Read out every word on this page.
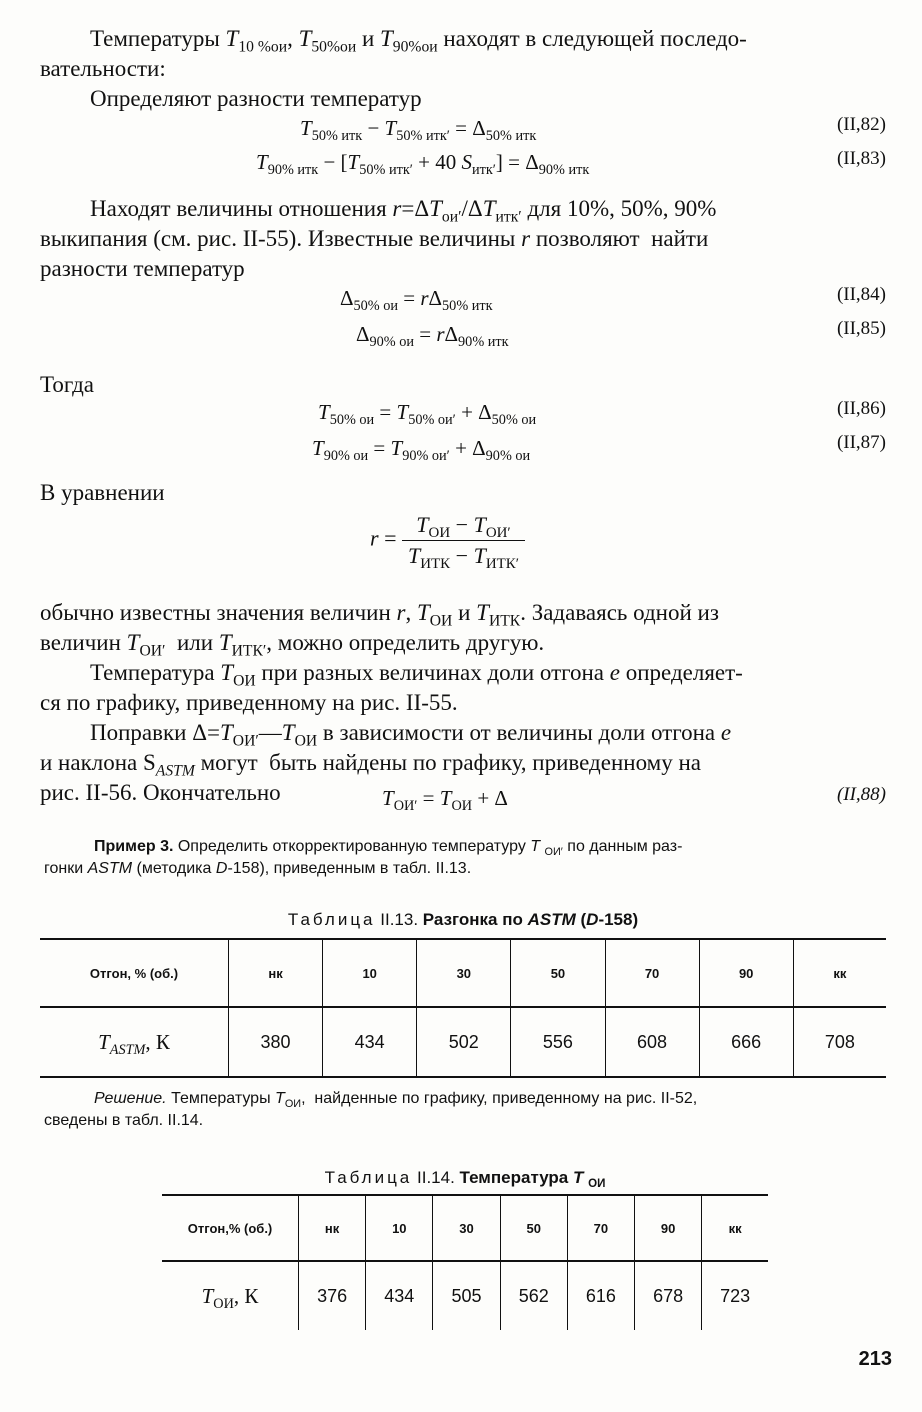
Температуры $T_{10 \%ои}$, $T_{50\%ои}$ и $T_{90\%ои}$ находят в следующей последо-
вательности:
Определяют разности температур
$T_{50\% итк} - T_{50\% итк'} = \Delta_{50\% итк}$
(II,82)
$T_{90\% итк} - [T_{50\% итк'} + 40$ $S_{итк'}] = \Delta_{90\% итк}$
(II,83)
Находят величины отношения $r=\Delta T_{ои'}/\Delta T_{итк'}$ для 10%, 50%, 90%
выкипания (см. рис. II-55). Известные величины r позволяют  найти
разности температур
$\Delta_{50\% ои} = r\Delta_{50\% итк}$
(II,84)
$\Delta_{90\% ои} = r\Delta_{90\% итк}$
(II,85)
Тогда
$T_{50\% ои} = T_{50\% ои'} + \Delta_{50\% ои}$
(II,86)
$T_{90\% ои} = T_{90\% ои'} + \Delta_{90\% ои}$
(II,87)
В уравнении
$r = \frac{T_{ОИ} - T_{ОИ'}}{T_{ИТК} - T_{ИТК'}}$
обычно известны значения величин r, $T_{ОИ}$ и $T_{ИТК}$. Задаваясь одной из
величин $T_{ОИ'}$  или $T_{ИТК'}$, можно определить другую.
Температура $T_{ОИ}$ при разных величинах доли отгона e определяет-
ся по графику, приведенному на рис. II-55.
Поправки $\Delta=T_{ОИ'}—T_{ОИ}$ в зависимости от величины доли отгона e
и наклона $S_{ASTM}$ могут  быть найдены по графику, приведенному на
рис. II-56. Окончательно	$T_{ОИ'} = T_{ОИ} + \Delta$	(II,88)
Пример 3. Определить откорректированную температуру T $_{ОИ'}$ по данным раз-
гонки ASTM (методика D-158), приведенным в табл. II.13.
Таблица II.13. Разгонка по ASTM (D-158)
Отгон, % (об.)	нк	10	30	50	70	90	кк
$T_{ASTM}$, К	380	434	502	556	608	666	708
Решение. Температуры $T_{ОИ}$,  найденные по графику, приведенному на рис. II-52,
сведены в табл. II.14.
Таблица II.14. Температура T $_{ОИ}$
Отгон,% (об.)	нк	10	30	50	70	90	кк
$T_{ОИ}$, К	376	434	505	562	616	678	723
213
